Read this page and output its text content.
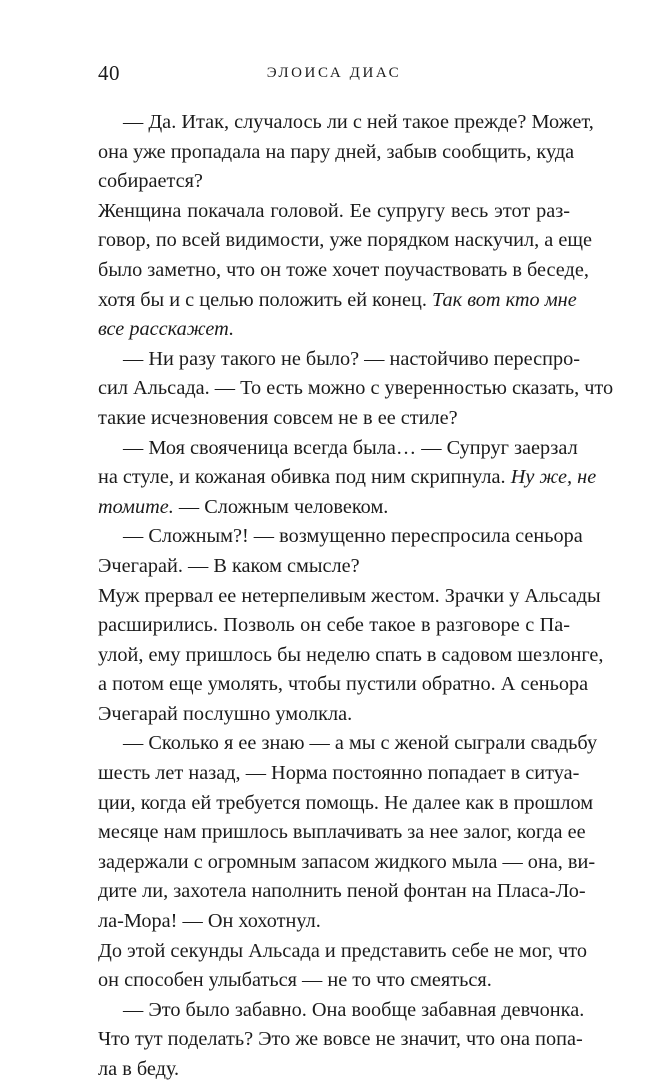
40	ЭЛОИСА ДИАС
— Да. Итак, случалось ли с ней такое прежде? Может,
она уже пропадала на пару дней, забыв сообщить, куда
собирается?
Женщина покачала головой. Ее супругу весь этот раз-
говор, по всей видимости, уже порядком наскучил, а еще
было заметно, что он тоже хочет поучаствовать в беседе,
хотя бы и с целью положить ей конец. Так вот кто мне
все расскажет.
— Ни разу такого не было? — настойчиво переспро-
сил Альсада. — То есть можно с уверенностью сказать, что
такие исчезновения совсем не в ее стиле?
— Моя свояченица всегда была… — Супруг заерзал
на стуле, и кожаная обивка под ним скрипнула. Ну же, не
томите. — Сложным человеком.
— Сложным?! — возмущенно переспросила сеньора
Эчегарай. — В каком смысле?
Муж прервал ее нетерпеливым жестом. Зрачки у Альсады
расширились. Позволь он себе такое в разговоре с Па-
улой, ему пришлось бы неделю спать в садовом шезлонге,
а потом еще умолять, чтобы пустили обратно. А сеньора
Эчегарай послушно умолкла.
— Сколько я ее знаю — а мы с женой сыграли свадьбу
шесть лет назад, — Норма постоянно попадает в ситуа-
ции, когда ей требуется помощь. Не далее как в прошлом
месяце нам пришлось выплачивать за нее залог, когда ее
задержали с огромным запасом жидкого мыла — она, ви-
дите ли, захотела наполнить пеной фонтан на Пласа-Ло-
ла-Мора! — Он хохотнул.
До этой секунды Альсада и представить себе не мог, что
он способен улыбаться — не то что смеяться.
— Это было забавно. Она вообще забавная девчонка.
Что тут поделать? Это же вовсе не значит, что она попа-
ла в беду.
